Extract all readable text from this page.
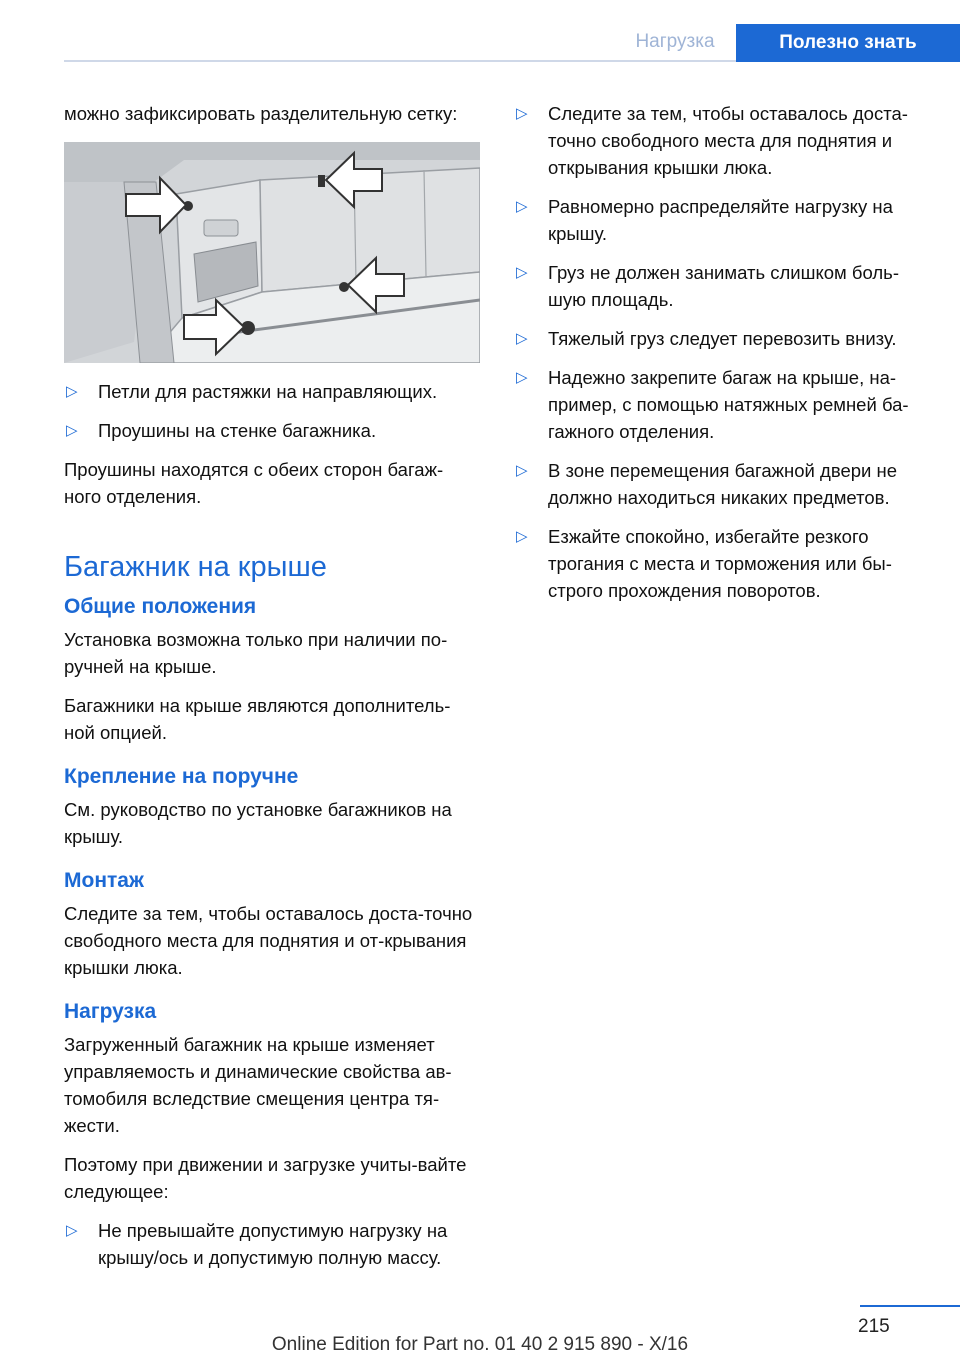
Нагрузка	Полезно знать

можно зафиксировать разделительную сетку:

▷ Петли для растяжки на направляющих.
▷ Проушины на стенке багажника.

Проушины находятся с обеих сторон багаж-ного отделения.

Багажник на крыше
Общие положения

Установка возможна только при наличии по-ручней на крыше.

Багажники на крыше являются дополнитель-ной опцией.

Крепление на поручне

См. руководство по установке багажников на крышу.

Монтаж

Следите за тем, чтобы оставалось доста-точно свободного места для поднятия и от-крывания крышки люка.

Нагрузка

Загруженный багажник на крыше изменяет управляемость и динамические свойства ав-томобиля вследствие смещения центра тя-жести.

Поэтому при движении и загрузке учиты-вайте следующее:

▷ Не превышайте допустимую нагрузку на крышу/ось и допустимую полную массу.
▷ Следите за тем, чтобы оставалось доста-точно свободного места для поднятия и открывания крышки люка.
▷ Равномерно распределяйте нагрузку на крышу.
▷ Груз не должен занимать слишком боль-шую площадь.
▷ Тяжелый груз следует перевозить внизу.
▷ Надежно закрепите багаж на крыше, на-пример, с помощью натяжных ремней ба-гажного отделения.
▷ В зоне перемещения багажной двери не должно находиться никаких предметов.
▷ Езжайте спокойно, избегайте резкого трогания с места и торможения или бы-строго прохождения поворотов.
215
Online Edition for Part no. 01 40 2 915 890 - X/16
